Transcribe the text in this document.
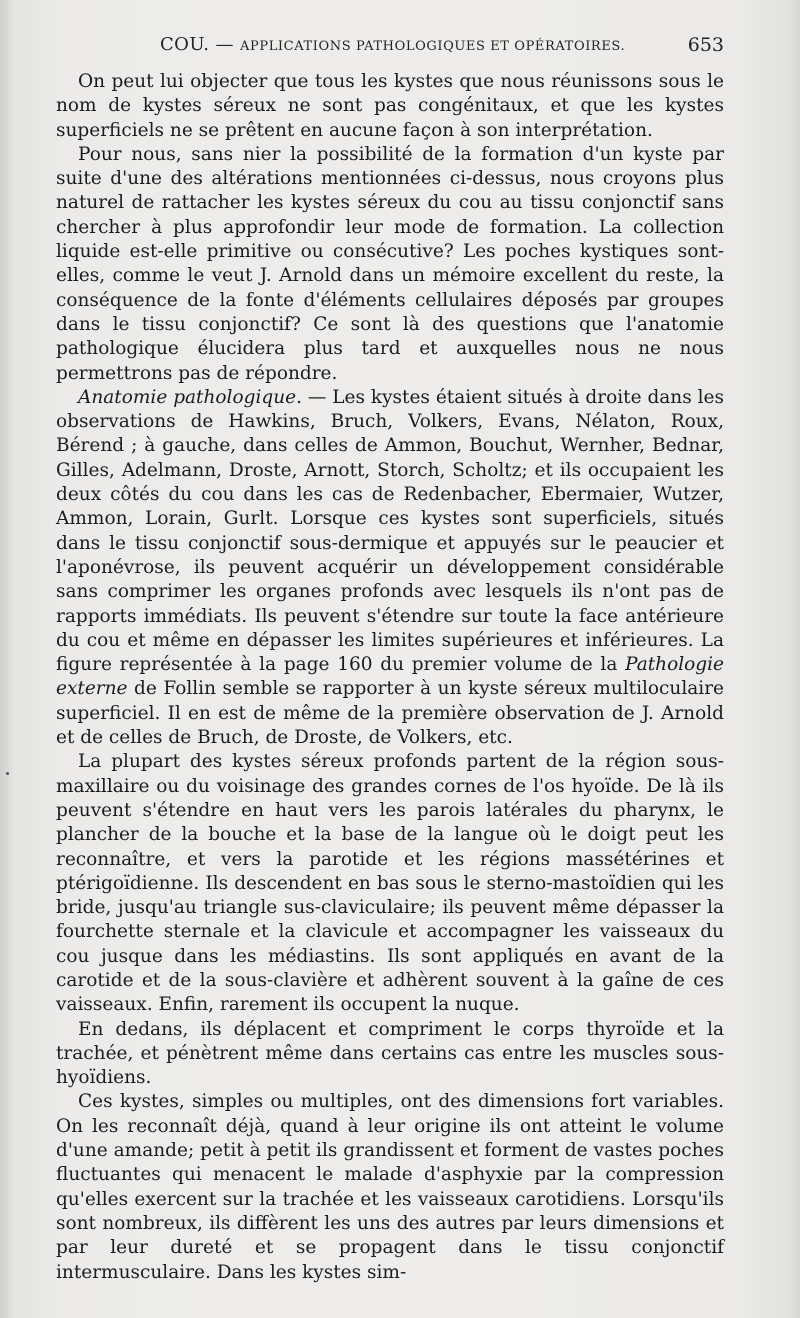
COU. — APPLICATIONS PATHOLOGIQUES ET OPÉRATOIRES.	653

On peut lui objecter que tous les kystes que nous réunissons sous le nom de kystes séreux ne sont pas congénitaux, et que les kystes superficiels ne se prêtent en aucune façon à son interprétation.

Pour nous, sans nier la possibilité de la formation d'un kyste par suite d'une des altérations mentionnées ci-dessus, nous croyons plus naturel de rattacher les kystes séreux du cou au tissu conjonctif sans chercher à plus approfondir leur mode de formation. La collection liquide est-elle primitive ou consécutive? Les poches kystiques sont-elles, comme le veut J. Arnold dans un mémoire excellent du reste, la conséquence de la fonte d'éléments cellulaires déposés par groupes dans le tissu conjonctif? Ce sont là des questions que l'anatomie pathologique élucidera plus tard et auxquelles nous ne nous permettrons pas de répondre.

Anatomie pathologique. — Les kystes étaient situés à droite dans les observations de Hawkins, Bruch, Volkers, Evans, Nélaton, Roux, Bérend ; à gauche, dans celles de Ammon, Bouchut, Wernher, Bednar, Gilles, Adelmann, Droste, Arnott, Storch, Scholtz; et ils occupaient les deux côtés du cou dans les cas de Redenbacher, Ebermaier, Wutzer, Ammon, Lorain, Gurlt. Lorsque ces kystes sont superficiels, situés dans le tissu conjonctif sous-dermique et appuyés sur le peaucier et l'aponévrose, ils peuvent acquérir un développement considérable sans comprimer les organes profonds avec lesquels ils n'ont pas de rapports immédiats. Ils peuvent s'étendre sur toute la face antérieure du cou et même en dépasser les limites supérieures et inférieures. La figure représentée à la page 160 du premier volume de la Pathologie externe de Follin semble se rapporter à un kyste séreux multiloculaire superficiel. Il en est de même de la première observation de J. Arnold et de celles de Bruch, de Droste, de Volkers, etc.

La plupart des kystes séreux profonds partent de la région sous-maxillaire ou du voisinage des grandes cornes de l'os hyoïde. De là ils peuvent s'étendre en haut vers les parois latérales du pharynx, le plancher de la bouche et la base de la langue où le doigt peut les reconnaître, et vers la parotide et les régions massétérines et ptérigoïdienne. Ils descendent en bas sous le sterno-mastoïdien qui les bride, jusqu'au triangle sus-claviculaire; ils peuvent même dépasser la fourchette sternale et la clavicule et accompagner les vaisseaux du cou jusque dans les médiastins. Ils sont appliqués en avant de la carotide et de la sous-clavière et adhèrent souvent à la gaîne de ces vaisseaux. Enfin, rarement ils occupent la nuque.

En dedans, ils déplacent et compriment le corps thyroïde et la trachée, et pénètrent même dans certains cas entre les muscles sous-hyoïdiens.

Ces kystes, simples ou multiples, ont des dimensions fort variables. On les reconnaît déjà, quand à leur origine ils ont atteint le volume d'une amande; petit à petit ils grandissent et forment de vastes poches fluctuantes qui menacent le malade d'asphyxie par la compression qu'elles exercent sur la trachée et les vaisseaux carotidiens. Lorsqu'ils sont nombreux, ils diffèrent les uns des autres par leurs dimensions et par leur dureté et se propagent dans le tissu conjonctif intermusculaire. Dans les kystes sim-
